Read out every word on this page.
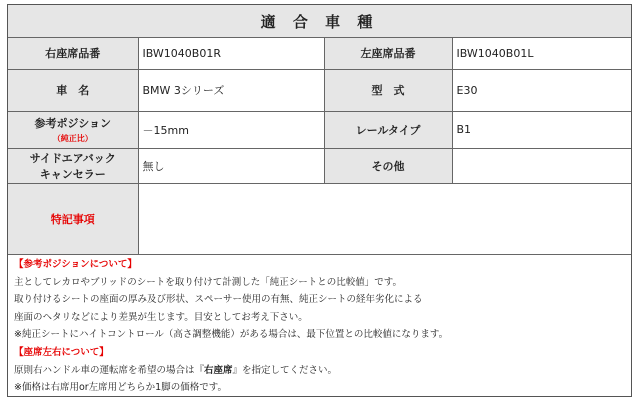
適 合 車 種
右座席品番	IBW1040B01R	左座席品番	IBW1040B01L
車　名	BMW 3シリーズ	型　式	E30
参考ポジション
（純正比）	－15mm	レールタイプ	B1

サイドエアバック
キャンセラー	無し	その他	
特記事項			
【参考ポジションについて】
主としてレカロやブリッドのシートを取り付けて計測した「純正シートとの比較値」です。
取り付けるシートの座面の厚み及び形状、スペーサー使用の有無、純正シートの経年劣化による
座面のヘタリなどにより差異が生じます。目安としてお考え下さい。
※純正シートにハイトコントロール（高さ調整機能）がある場合は、最下位置との比較値になります。
【座席左右について】
原則右ハンドル車の運転席を希望の場合は『右座席』を指定してください。
※価格は右席用or左席用どちらか1脚の価格です。
